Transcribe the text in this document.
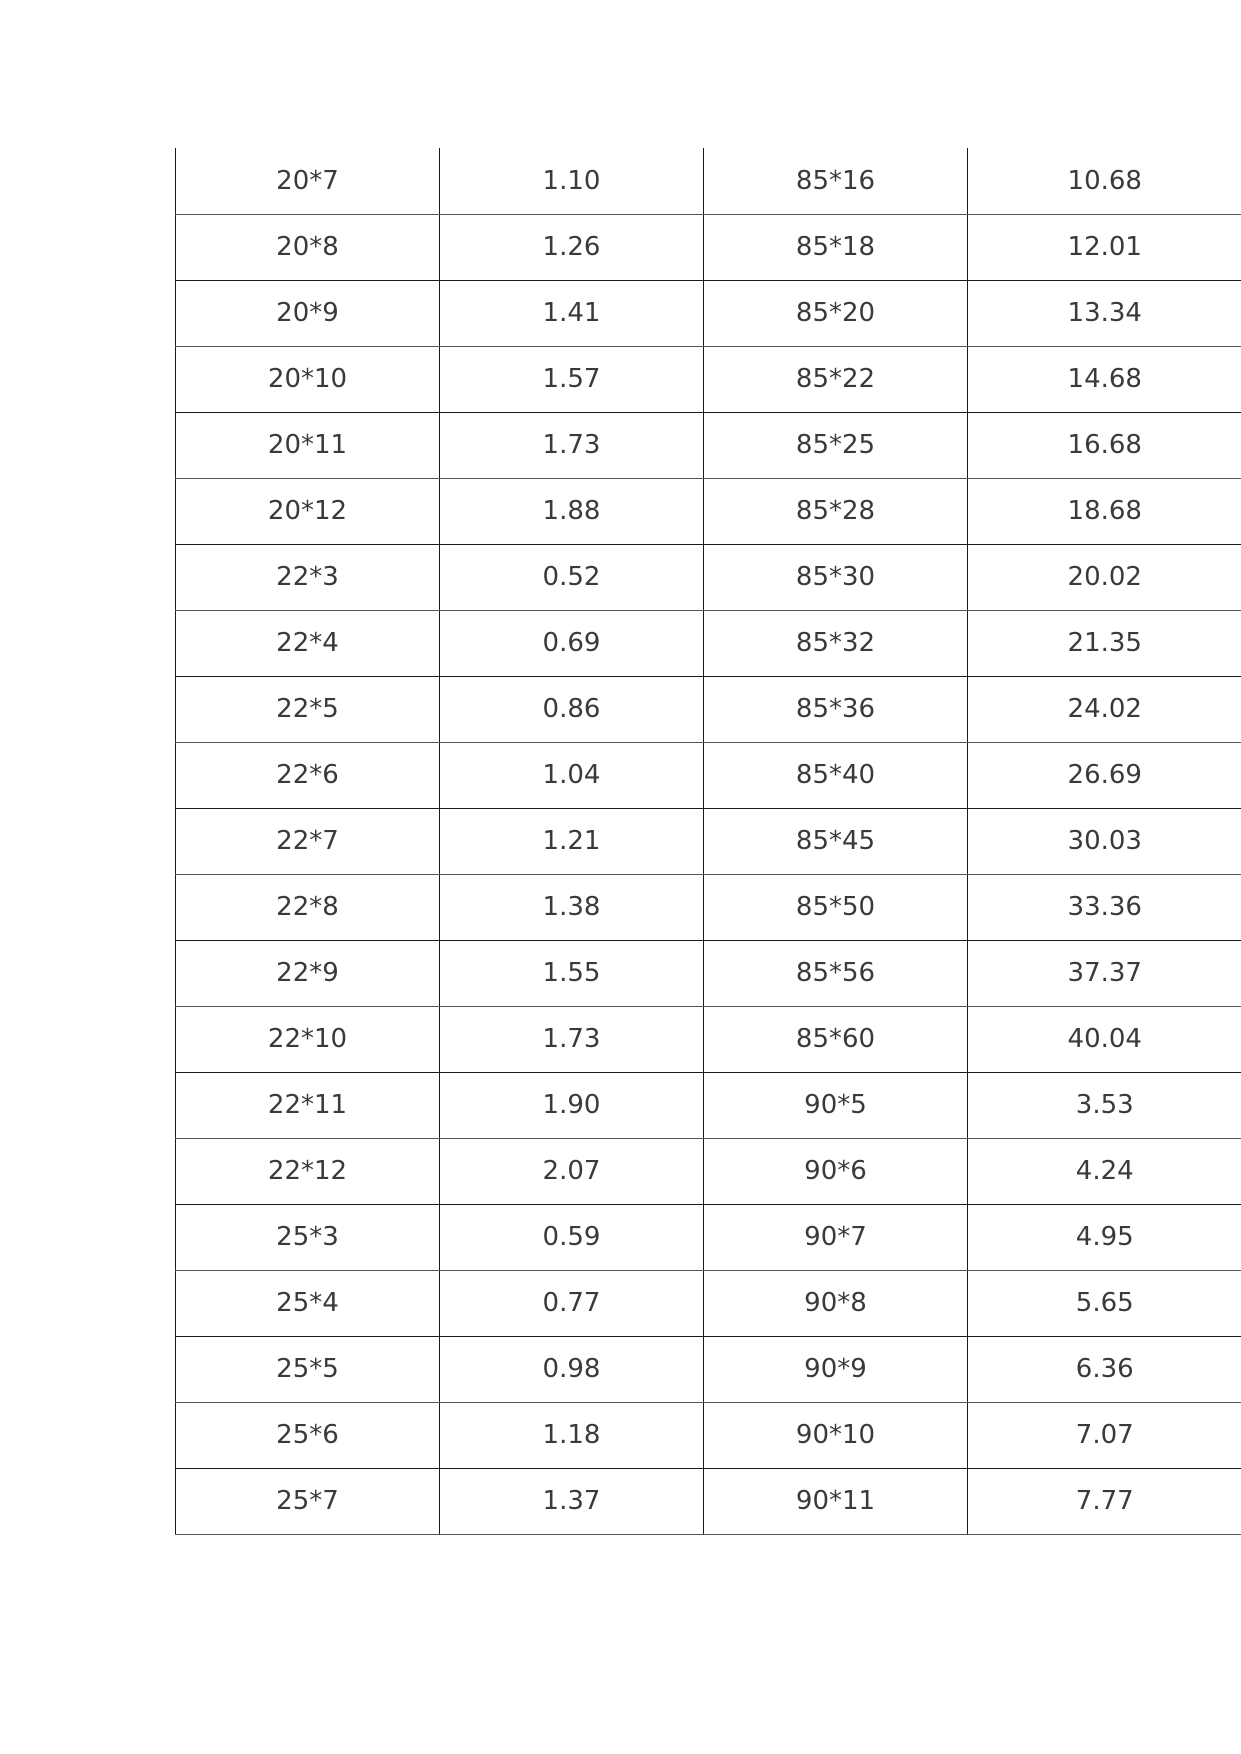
20*7	1.10	85*16	10.68
20*8	1.26	85*18	12.01
20*9	1.41	85*20	13.34
20*10	1.57	85*22	14.68
20*11	1.73	85*25	16.68
20*12	1.88	85*28	18.68
22*3	0.52	85*30	20.02
22*4	0.69	85*32	21.35
22*5	0.86	85*36	24.02
22*6	1.04	85*40	26.69
22*7	1.21	85*45	30.03
22*8	1.38	85*50	33.36
22*9	1.55	85*56	37.37
22*10	1.73	85*60	40.04
22*11	1.90	90*5	3.53
22*12	2.07	90*6	4.24
25*3	0.59	90*7	4.95
25*4	0.77	90*8	5.65
25*5	0.98	90*9	6.36
25*6	1.18	90*10	7.07
25*7	1.37	90*11	7.77
